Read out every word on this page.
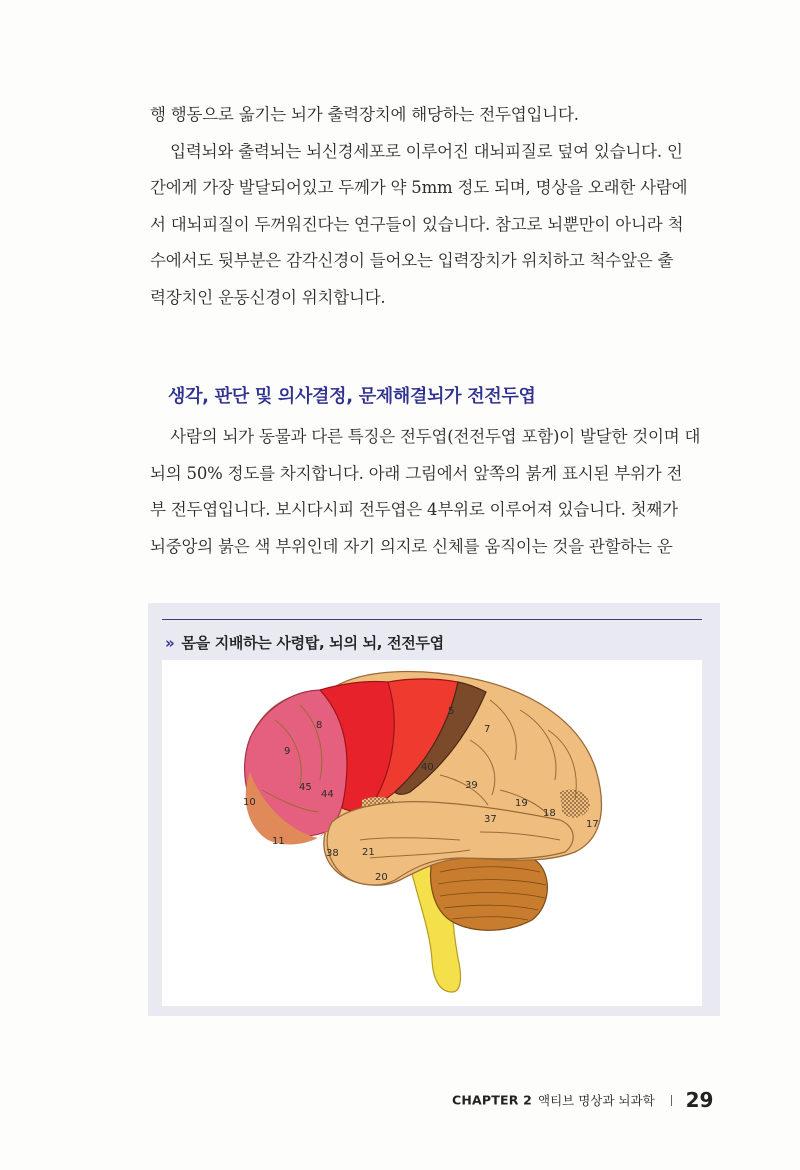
행 행동으로 옮기는 뇌가 출력장치에 해당하는 전두엽입니다.
입력뇌와 출력뇌는 뇌신경세포로 이루어진 대뇌피질로 덮여 있습니다. 인
간에게 가장 발달되어있고 두께가 약 5mm 정도 되며, 명상을 오래한 사람에
서 대뇌피질이 두꺼워진다는 연구들이 있습니다. 참고로 뇌뿐만이 아니라 척
수에서도 뒷부분은 감각신경이 들어오는 입력장치가 위치하고 척수앞은 출
력장치인 운동신경이 위치합니다.
생각, 판단 및 의사결정, 문제해결뇌가 전전두엽
사람의 뇌가 동물과 다른 특징은 전두엽(전전두엽 포함)이 발달한 것이며 대
뇌의 50% 정도를 차지합니다. 아래 그림에서 앞쪽의 붉게 표시된 부위가 전
부 전두엽입니다. 보시다시피 전두엽은 4부위로 이루어져 있습니다. 첫째가
뇌중앙의 붉은 색 부위인데 자기 의지로 신체를 움직이는 것을 관할하는 운
» 몸을 지배하는 사령탑, 뇌의 뇌, 전전두엽
8
9
45
44
10
11
5
7
40
39
19
18
17
37
38 21
20
CHAPTER 2 액티브 명상과 뇌과학 29
